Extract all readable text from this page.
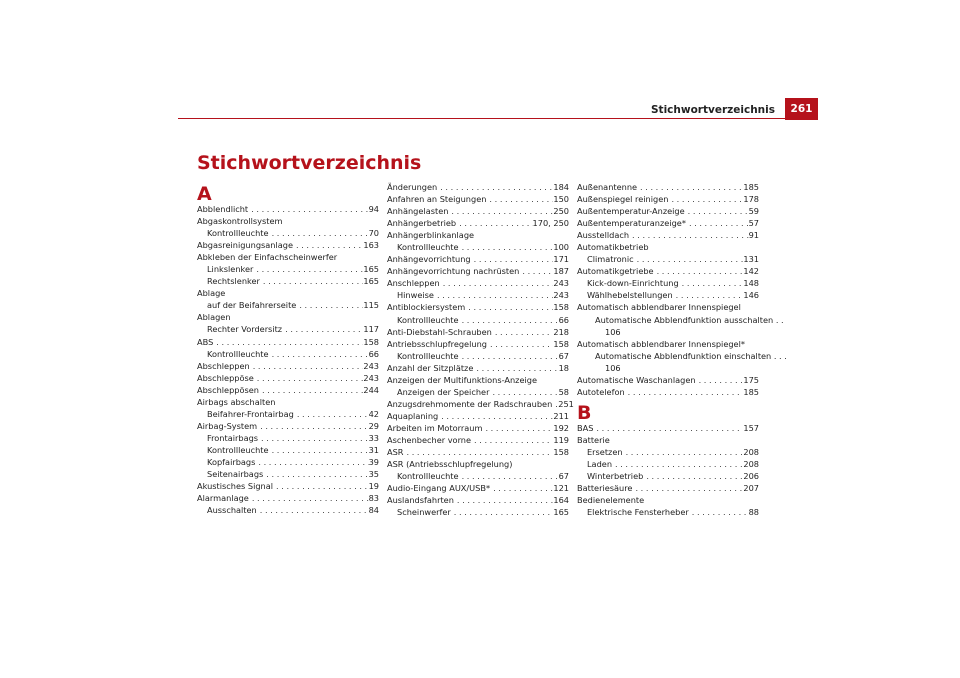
Stichwortverzeichnis	261
Stichwortverzeichnis
A
Abblendlicht . . .	94
Abgaskontrollsystem
Kontrollleuchte . . .	70
Abgasreinigungsanlage . . .	163
Abkleben der Einfachscheinwerfer
Linkslenker . . .	165
Rechtslenker . . .	165
Ablage
auf der Beifahrerseite . . .	115
Ablagen
Rechter Vordersitz . . .	117
ABS . . .	158
Kontrollleuchte . . .	66
Abschleppen . . .	243
Abschleppöse . . .	243
Abschleppösen . . .	244
Airbags abschalten
Beifahrer-Frontairbag . . .	42
Airbag-System . . .	29
Frontairbags . . .	33
Kontrollleuchte . . .	31
Kopfairbags . . .	39
Seitenairbags . . .	35
Akustisches Signal . . .	19
Alarmanlage . . .	83
Ausschalten . . .	84
Änderungen . . .	184
Anfahren an Steigungen . . .	150
Anhängelasten . . .	250
Anhängerbetrieb . . .	170, 250
Anhängerblinkanlage
Kontrollleuchte . . .	100
Anhängevorrichtung . . .	171
Anhängevorrichtung nachrüsten . . .	187
Anschleppen . . .	243
Hinweise . . .	243
Antiblockiersystem . . .	158
Kontrollleuchte . . .	66
Anti-Diebstahl-Schrauben . . .	218
Antriebsschlupfregelung . . .	158
Kontrollleuchte . . .	67
Anzahl der Sitzplätze . . .	18
Anzeigen der Multifunktions-Anzeige
Anzeigen der Speicher . . .	58
Anzugsdrehmomente der Radschrauben . . . 251
Aquaplaning . . .	211
Arbeiten im Motorraum . . .	192
Aschenbecher vorne . . .	119
ASR . . .	158
ASR (Antriebsschlupfregelung)
Kontrollleuchte . . .	67
Audio-Eingang AUX/USB* . . .	121
Auslandsfahrten . . .	164
Scheinwerfer . . .	165
Außenantenne . . .	185
Außenspiegel reinigen . . .	178
Außentemperatur-Anzeige . . .	59
Außentemperaturanzeige* . . .	57
Ausstelldach . . .	91
Automatikbetrieb
Climatronic . . .	131
Automatikgetriebe . . .	142
Kick-down-Einrichtung . . .	148
Wählhebelstellungen . . .	146
Automatisch abblendbarer Innenspiegel
Automatische Abblendfunktion ausschalten . .
106
Automatisch abblendbarer Innenspiegel*
Automatische Abblendfunktion einschalten . . .
106
Automatische Waschanlagen . . .	175
Autotelefon . . .	185
B
BAS . . .	157
Batterie
Ersetzen . . .	208
Laden . . .	208
Winterbetrieb . . .	206
Batteriesäure . . .	207
Bedienelemente
Elektrische Fensterheber . . .	88
